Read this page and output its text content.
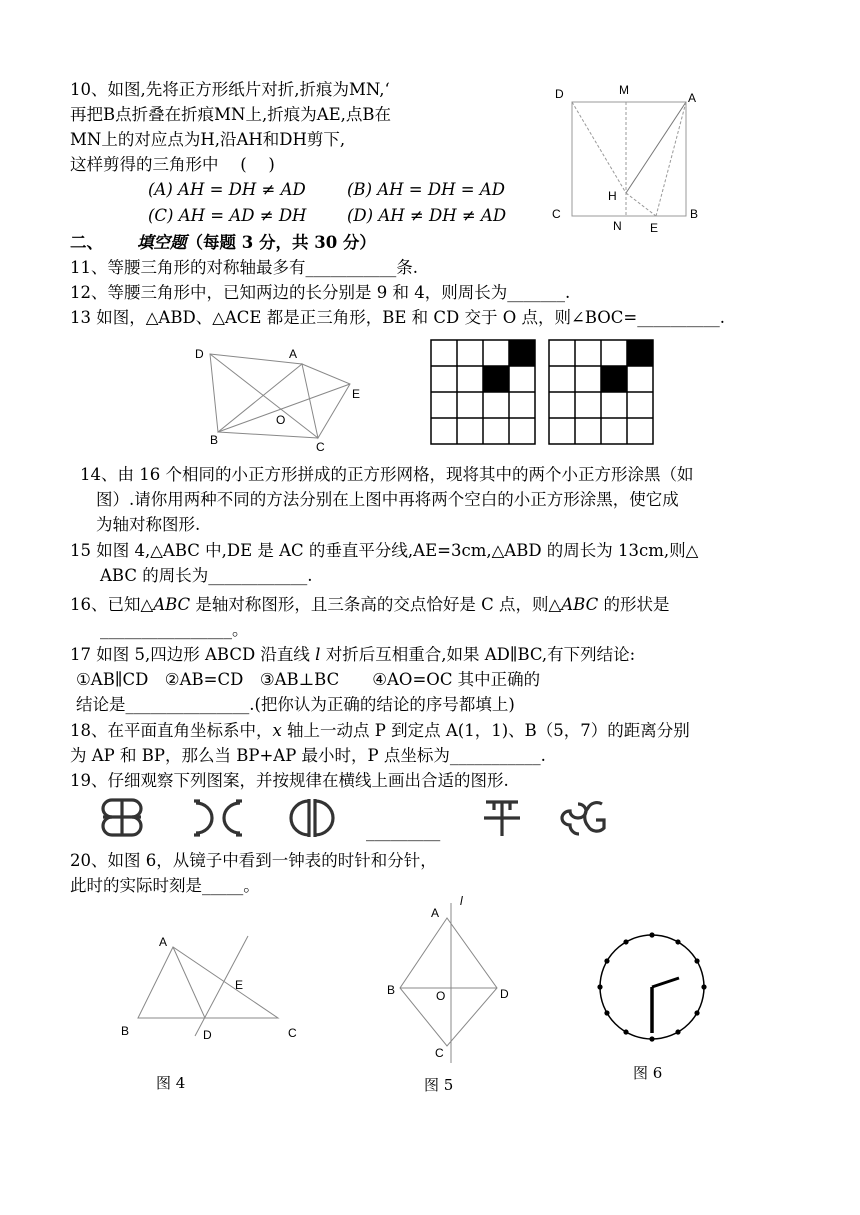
10、如图,先将正方形纸片对折,折痕为MN,‘
再把B点折叠在折痕MN上,折痕为AE,点B在
MN上的对应点为H,沿AH和DH剪下,
这样剪得的三角形中　 (　 )
(A) AH = DH ≠ AD	(B) AH = DH = AD
(C) AH = AD ≠ DH (D) AH ≠ DH ≠ AD
D	M
A
H
C
N E
B
二、 填空题（每题 3 分，共 30 分）
11、等腰三角形的对称轴最多有___________条.
12、等腰三角形中，已知两边的长分别是 9 和 4，则周长为_______.
13 如图，△ABD、△ACE 都是正三角形，BE 和 CD 交于 O 点，则∠BOC=__________.
D	A
E
O
B	C
14、由 16 个相同的小正方形拼成的正方形网格，现将其中的两个小正方形涂黑（如
图）.请你用两种不同的方法分别在上图中再将两个空白的小正方形涂黑，使它成
为轴对称图形.
15 如图 4,△ABC 中,DE 是 AC 的垂直平分线,AE=3cm,△ABD 的周长为 13cm,则△
ABC 的周长为____________.
16、已知△ABC 是轴对称图形，且三条高的交点恰好是 C 点，则△ABC 的形状是
________________。
17 如图 5,四边形 ABCD 沿直线 l 对折后互相重合,如果 AD∥BC,有下列结论:
①AB∥CD　②AB=CD　③AB⊥BC　　④AO=OC 其中正确的
结论是_______________.(把你认为正确的结论的序号都填上)
18、在平面直角坐标系中，x 轴上一动点 P 到定点 A(1，1)、B（5，7）的距离分别
为 AP 和 BP，那么当 BP+AP 最小时，P 点坐标为___________.
19、仔细观察下列图案，并按规律在横线上画出合适的图形.
_________
20、如图 6，从镜子中看到一钟表的时针和分针，
此时的实际时刻是_____。
A
E
B	D	C
图 4
l
A
B	O	D
C
图 5
图 6
